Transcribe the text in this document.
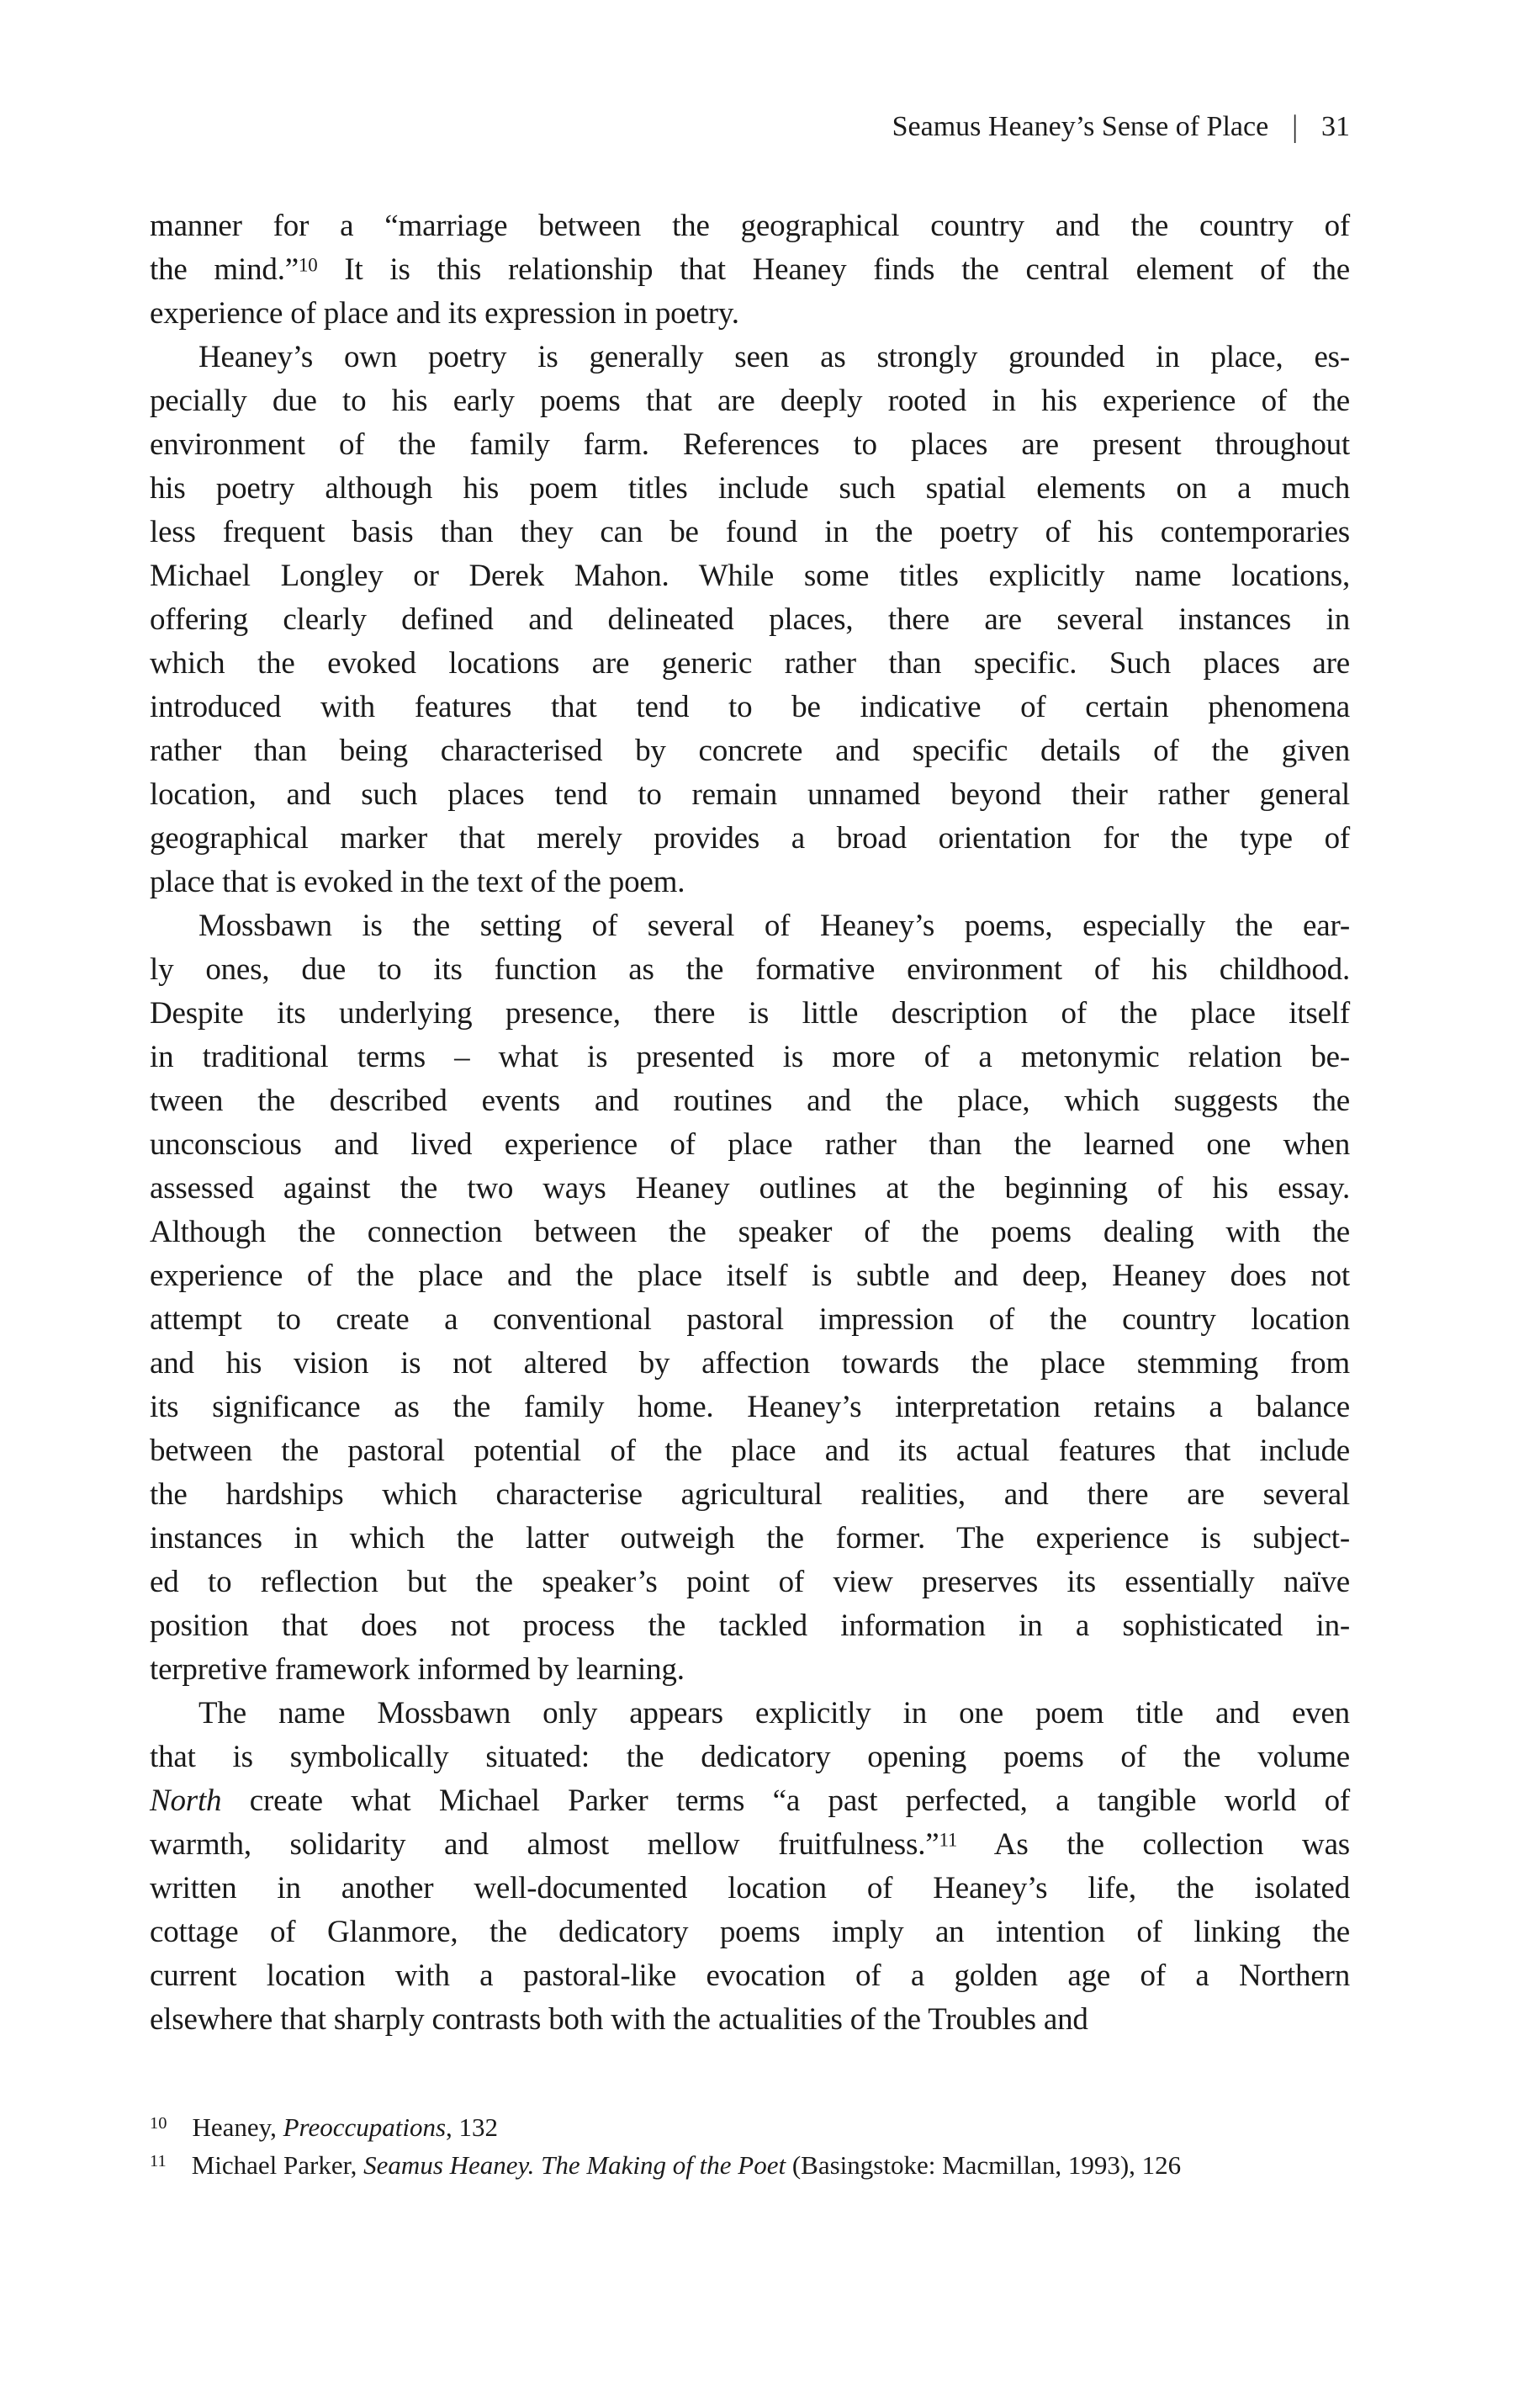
Seamus Heaney’s Sense of Place | 31
manner for a “marriage between the geographical country and the country of
the mind.”$^{10}$ It is this relationship that Heaney finds the central element of the
experience of place and its expression in poetry.
Heaney’s own poetry is generally seen as strongly grounded in place, es-
pecially due to his early poems that are deeply rooted in his experience of the
environment of the family farm. References to places are present throughout
his poetry although his poem titles include such spatial elements on a much
less frequent basis than they can be found in the poetry of his contemporaries
Michael Longley or Derek Mahon. While some titles explicitly name locations,
offering clearly defined and delineated places, there are several instances in
which the evoked locations are generic rather than specific. Such places are
introduced with features that tend to be indicative of certain phenomena
rather than being characterised by concrete and specific details of the given
location, and such places tend to remain unnamed beyond their rather general
geographical marker that merely provides a broad orientation for the type of
place that is evoked in the text of the poem.
Mossbawn is the setting of several of Heaney’s poems, especially the ear-
ly ones, due to its function as the formative environment of his childhood.
Despite its underlying presence, there is little description of the place itself
in traditional terms – what is presented is more of a metonymic relation be-
tween the described events and routines and the place, which suggests the
unconscious and lived experience of place rather than the learned one when
assessed against the two ways Heaney outlines at the beginning of his essay.
Although the connection between the speaker of the poems dealing with the
experience of the place and the place itself is subtle and deep, Heaney does not
attempt to create a conventional pastoral impression of the country location
and his vision is not altered by affection towards the place stemming from
its significance as the family home. Heaney’s interpretation retains a balance
between the pastoral potential of the place and its actual features that include
the hardships which characterise agricultural realities, and there are several
instances in which the latter outweigh the former. The experience is subject-
ed to reflection but the speaker’s point of view preserves its essentially naïve
position that does not process the tackled information in a sophisticated in-
terpretive framework informed by learning.
The name Mossbawn only appears explicitly in one poem title and even
that is symbolically situated: the dedicatory opening poems of the volume
North create what Michael Parker terms “a past perfected, a tangible world of
warmth, solidarity and almost mellow fruitfulness.”$^{11}$ As the collection was
written in another well-documented location of Heaney’s life, the isolated
cottage of Glanmore, the dedicatory poems imply an intention of linking the
current location with a pastoral-like evocation of a golden age of a Northern
elsewhere that sharply contrasts both with the actualities of the Troubles and
$^{10}$ Heaney, Preoccupations, 132
$^{11}$ Michael Parker, Seamus Heaney. The Making of the Poet (Basingstoke: Macmillan, 1993), 126
